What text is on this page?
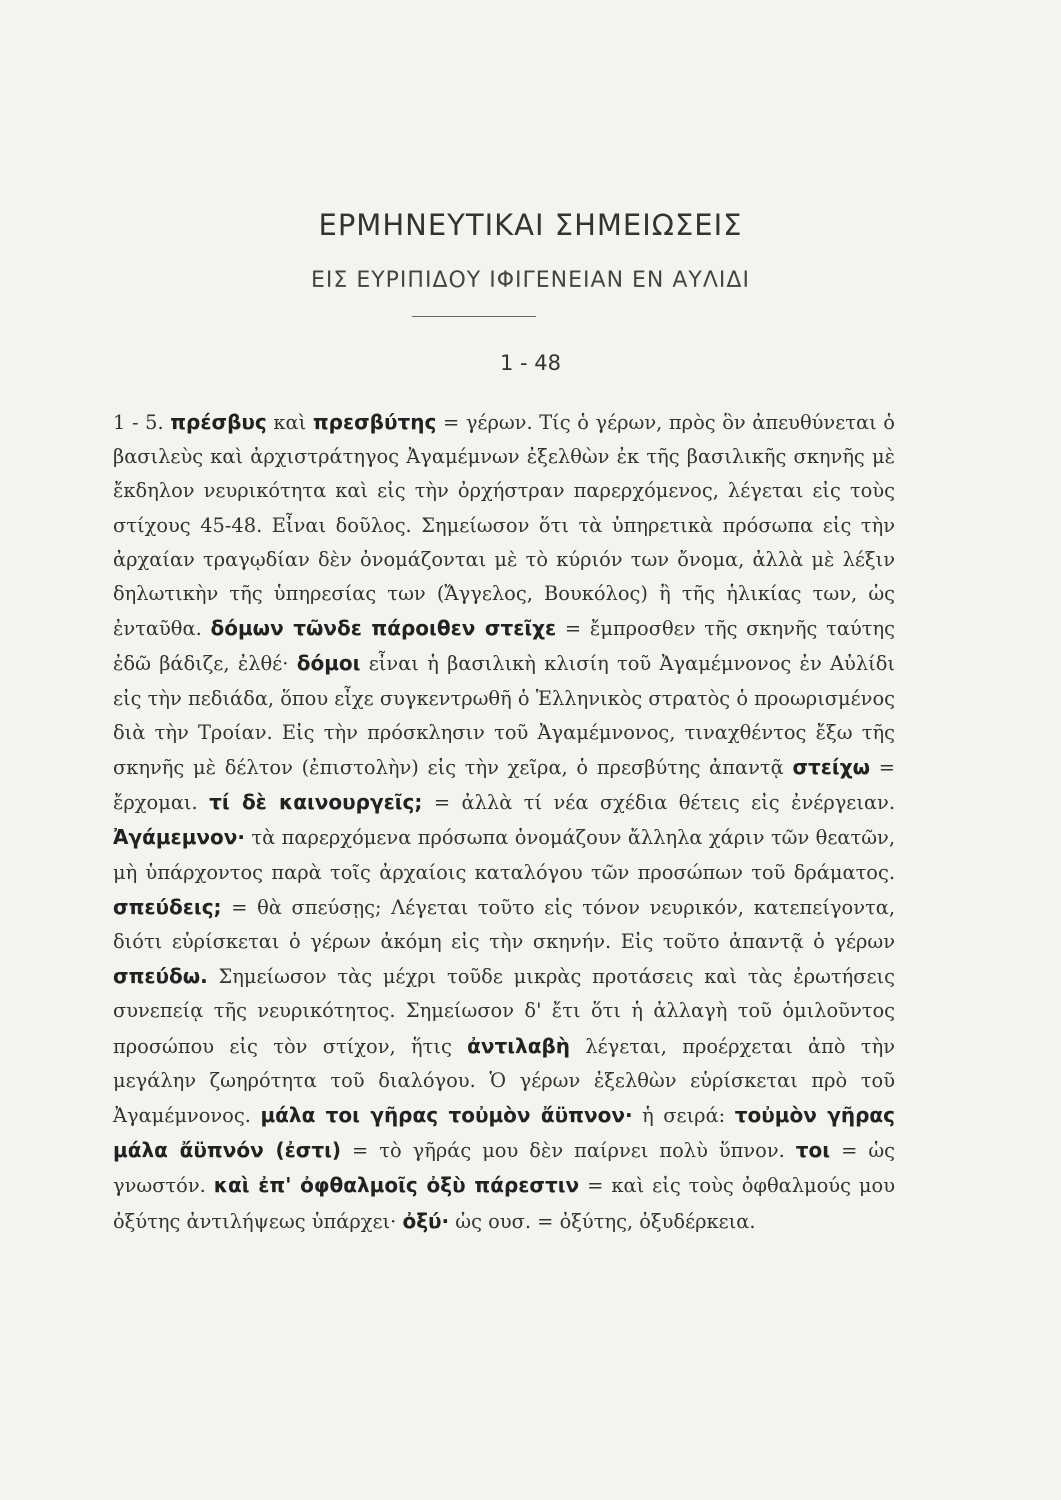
ΕΡΜΗΝΕΥΤΙΚΑΙ ΣΗΜΕΙΩΣΕΙΣ
ΕΙΣ ΕΥΡΙΠΙΔΟΥ ΙΦΙΓΕΝΕΙΑΝ ΕΝ ΑΥΛΙΔΙ
1 - 48

1 - 5. πρέσβυς καὶ πρεσβύτης = γέρων. Τίς ὁ γέρων, πρὸς ὃν ἀπευθύνεται ὁ βασιλεὺς καὶ ἀρχιστράτηγος Ἀγαμέμνων ἐξελθὼν ἐκ τῆς βασιλικῆς σκηνῆς μὲ ἔκδηλον νευρικότητα καὶ εἰς τὴν ὀρχήστραν παρερχόμενος, λέγεται εἰς τοὺς στίχους 45-48. Εἶναι δοῦλος. Σημείωσον ὅτι τὰ ὑπηρετικὰ πρόσωπα εἰς τὴν ἀρχαίαν τραγῳδίαν δὲν ὀνομάζονται μὲ τὸ κύριόν των ὄνομα, ἀλλὰ μὲ λέξιν δηλωτικὴν τῆς ὑπηρεσίας των (Ἄγγελος, Βουκόλος) ἢ τῆς ἡλικίας των, ὡς ἐνταῦθα. δόμων τῶνδε πάροιθεν στεῖχε = ἔμπροσθεν τῆς σκηνῆς ταύτης ἐδῶ βάδιζε, ἐλθέ· δόμοι εἶναι ἡ βασιλικὴ κλισίη τοῦ Ἀγαμέμνονος ἐν Αὐλίδι εἰς τὴν πεδιάδα, ὅπου εἶχε συγκεντρωθῆ ὁ Ἑλληνικὸς στρατὸς ὁ προωρισμένος διὰ τὴν Τροίαν. Εἰς τὴν πρόσκλησιν τοῦ Ἀγαμέμνονος, τιναχθέντος ἔξω τῆς σκηνῆς μὲ δέλτον (ἐπιστολὴν) εἰς τὴν χεῖρα, ὁ πρεσβύτης ἀπαντᾷ στείχω = ἔρχομαι. τί δὲ καινουργεῖς; = ἀλλὰ τί νέα σχέδια θέτεις εἰς ἐνέργειαν. Ἀγάμεμνον· τὰ παρερχόμενα πρόσωπα ὀνομάζουν ἄλληλα χάριν τῶν θεατῶν, μὴ ὑπάρχοντος παρὰ τοῖς ἀρχαίοις καταλόγου τῶν προσώπων τοῦ δράματος. σπεύδεις; = θὰ σπεύσῃς; Λέγεται τοῦτο εἰς τόνον νευρικόν, κατεπείγοντα, διότι εὑρίσκεται ὁ γέρων ἀκόμη εἰς τὴν σκηνήν. Εἰς τοῦτο ἀπαντᾷ ὁ γέρων σπεύδω. Σημείωσον τὰς μέχρι τοῦδε μικρὰς προτάσεις καὶ τὰς ἐρωτήσεις συνεπείᾳ τῆς νευρικότητος. Σημείωσον δ' ἔτι ὅτι ἡ ἀλλαγὴ τοῦ ὁμιλοῦντος προσώπου εἰς τὸν στίχον, ἥτις ἀντιλαβὴ λέγεται, προέρχεται ἀπὸ τὴν μεγάλην ζωηρότητα τοῦ διαλόγου. Ὁ γέρων ἐξελθὼν εὑρίσκεται πρὸ τοῦ Ἀγαμέμνονος. μάλα τοι γῆρας τοὐμὸν ἄϋπνον· ἡ σειρά: τοὐμὸν γῆρας μάλα ἄϋπνόν (ἐστι) = τὸ γῆράς μου δὲν παίρνει πολὺ ὕπνον. τοι = ὡς γνωστόν. καὶ ἐπ' ὀφθαλμοῖς ὀξὺ πάρεστιν = καὶ εἰς τοὺς ὀφθαλμούς μου ὀξύτης ἀντιλήψεως ὑπάρχει· ὀξύ· ὡς ουσ. = ὀξύτης, ὀξυδέρκεια.
